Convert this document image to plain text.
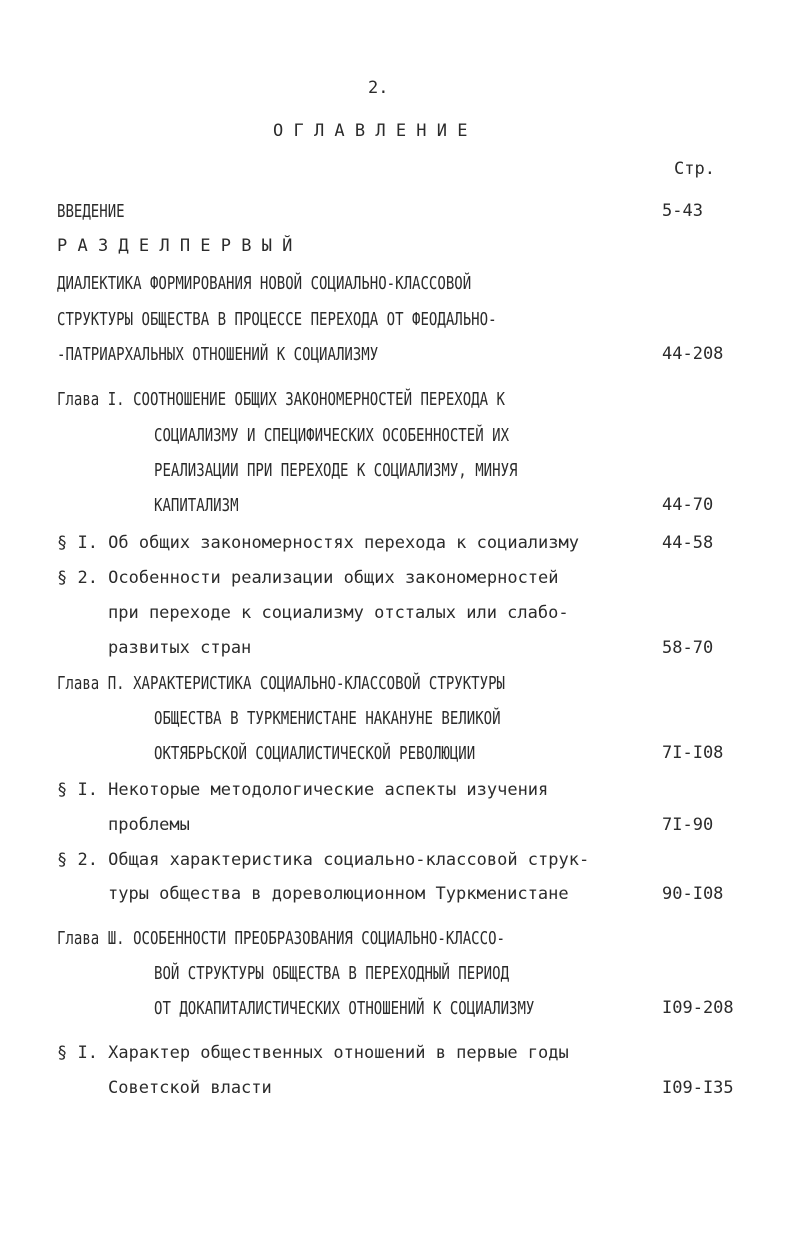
2.
О Г Л А В Л Е Н И Е
Стр.
ВВЕДЕНИЕ	5-43
Р А З Д Е Л П Е Р В Ы Й
ДИАЛЕКТИКА ФОРМИРОВАНИЯ НОВОЙ СОЦИАЛЬНО-КЛАССОВОЙ
СТРУКТУРЫ ОБЩЕСТВА В ПРОЦЕССЕ ПЕРЕХОДА ОТ ФЕОДАЛЬНО-
-ПАТРИАРХАЛЬНЫХ ОТНОШЕНИЙ К СОЦИАЛИЗМУ	44-208
Глава I. СООТНОШЕНИЕ ОБЩИХ ЗАКОНОМЕРНОСТЕЙ ПЕРЕХОДА К
СОЦИАЛИЗМУ И СПЕЦИФИЧЕСКИХ ОСОБЕННОСТЕЙ ИХ
РЕАЛИЗАЦИИ ПРИ ПЕРЕХОДЕ К СОЦИАЛИЗМУ, МИНУЯ
КАПИТАЛИЗМ	44-70
§ I. Об общих закономерностях перехода к социализму	44-58
§ 2. Особенности реализации общих закономерностей
при переходе к социализму отсталых или слабо-
развитых стран	58-70
Глава П. ХАРАКТЕРИСТИКА СОЦИАЛЬНО-КЛАССОВОЙ СТРУКТУРЫ
ОБЩЕСТВА В ТУРКМЕНИСТАНЕ НАКАНУНЕ ВЕЛИКОЙ
ОКТЯБРЬСКОЙ СОЦИАЛИСТИЧЕСКОЙ РЕВОЛЮЦИИ	7I-I08
§ I. Некоторые методологические аспекты изучения
проблемы	7I-90
§ 2. Общая характеристика социально-классовой струк-
туры общества в дореволюционном Туркменистане	90-I08
Глава Ш. ОСОБЕННОСТИ ПРЕОБРАЗОВАНИЯ СОЦИАЛЬНО-КЛАССО-
ВОЙ СТРУКТУРЫ ОБЩЕСТВА В ПЕРЕХОДНЫЙ ПЕРИОД
ОТ ДОКАПИТАЛИСТИЧЕСКИХ ОТНОШЕНИЙ К СОЦИАЛИЗМУ	I09-208
§ I. Характер общественных отношений в первые годы
Советской власти	I09-I35
